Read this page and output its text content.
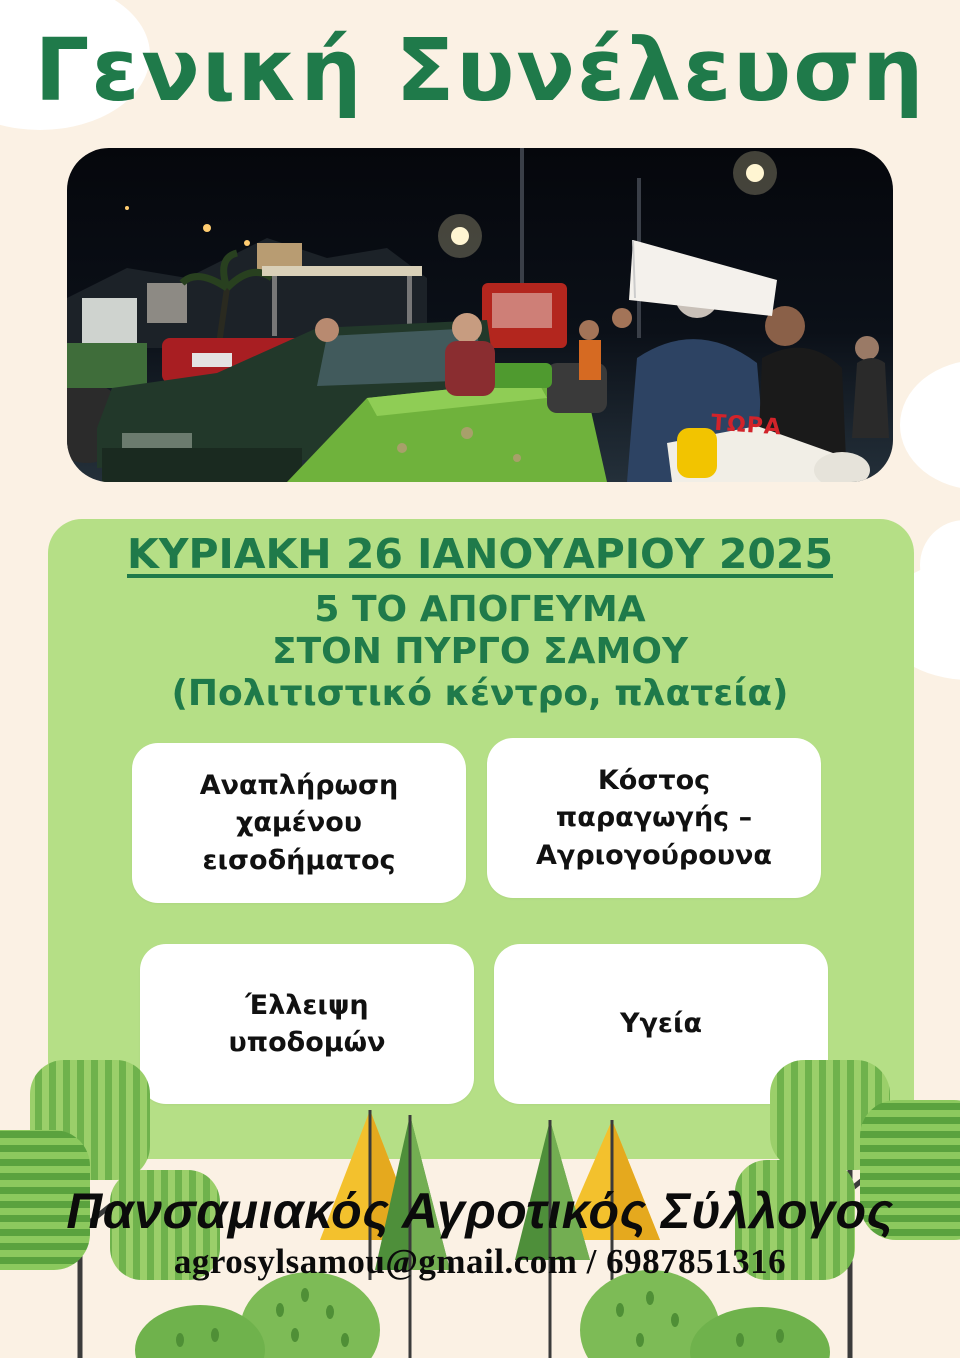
Γενική Συνέλευση
ΤΩΡΑ
ΚΥΡΙΑΚΗ 26 ΙΑΝΟΥΑΡΙΟΥ 2025
5 ΤΟ ΑΠΟΓΕΥΜΑ
ΣΤΟΝ ΠΥΡΓΟ ΣΑΜΟΥ
(Πολιτιστικό κέντρο, πλατεία)
Αναπλήρωση
χαμένου
εισοδήματος
Κόστος
παραγωγής –
Αγριογούρουνα
Έλλειψη
υποδομών
Υγεία
Πανσαμιακός Αγροτικός Σύλλογος
agrosylsamou@gmail.com / 6987851316
